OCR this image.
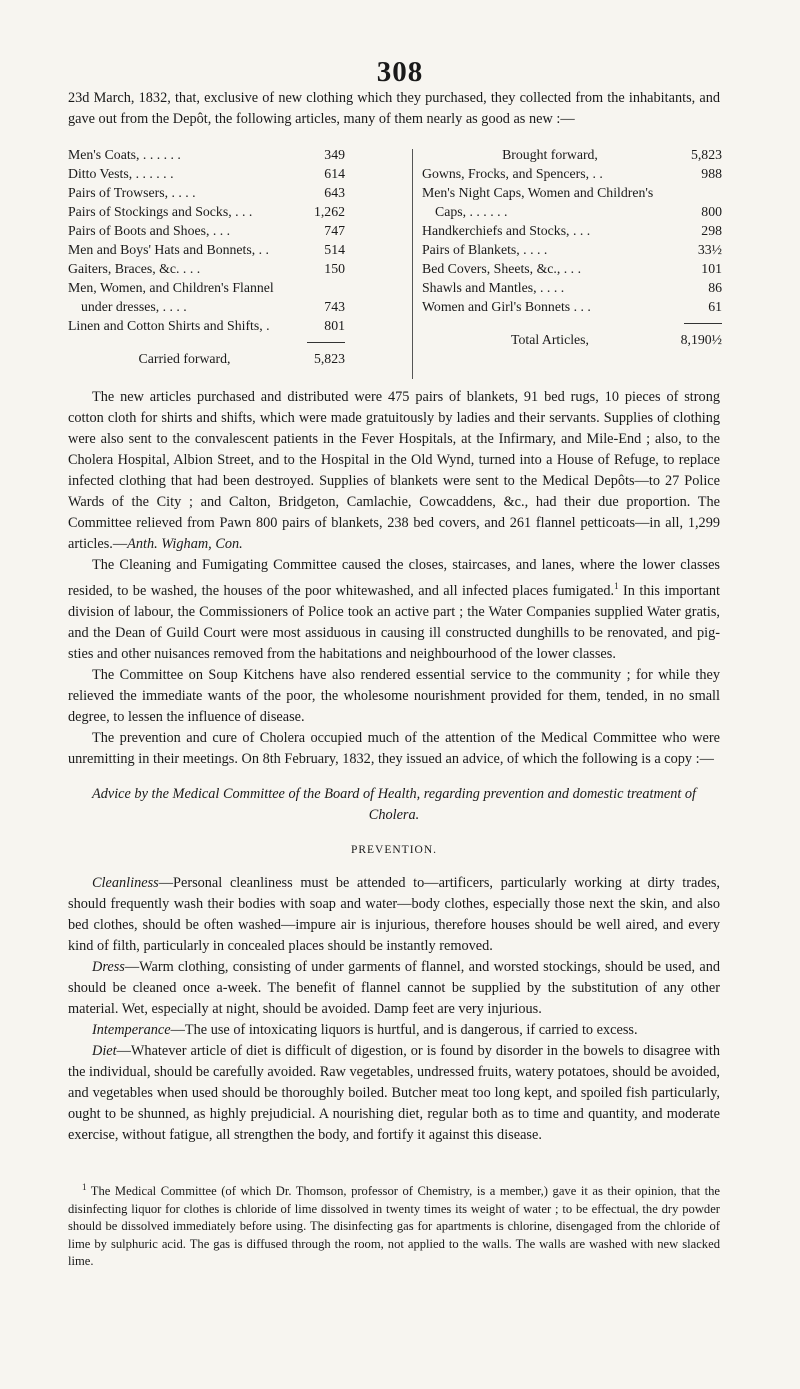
308
23d March, 1832, that, exclusive of new clothing which they purchased, they collected from the inhabitants, and gave out from the Depôt, the following articles, many of them nearly as good as new :—
Men's Coats, . . . . . .	349
Ditto Vests, . . . . . .	614
Pairs of Trowsers, . . . .	643
Pairs of Stockings and Socks, . . .	1,262
Pairs of Boots and Shoes, . . .	747
Men and Boys' Hats and Bonnets, . .	514
Gaiters, Braces, &c. . . .	150
Men, Women, and Children's Flannel
under dresses, . . . .	743
Linen and Cotton Shirts and Shifts, .	801
Carried forward,	5,823
Brought forward,	5,823
Gowns, Frocks, and Spencers, . .	988
Men's Night Caps, Women and Children's
Caps, . . . . . .	800
Handkerchiefs and Stocks, . . .	298
Pairs of Blankets, . . . .	33½
Bed Covers, Sheets, &c., . . .	101
Shawls and Mantles, . . . .	86
Women and Girl's Bonnets . . .	61
Total Articles,	8,190½

The new articles purchased and distributed were 475 pairs of blankets, 91 bed rugs, 10 pieces of strong cotton cloth for shirts and shifts, which were made gratuitously by ladies and their servants. Supplies of clothing were also sent to the convalescent patients in the Fever Hospitals, at the Infirmary, and Mile-End ; also, to the Cholera Hospital, Albion Street, and to the Hospital in the Old Wynd, turned into a House of Refuge, to replace infected clothing that had been destroyed. Supplies of blankets were sent to the Medical Depôts—to 27 Police Wards of the City ; and Calton, Bridgeton, Camlachie, Cowcaddens, &c., had their due proportion. The Committee relieved from Pawn 800 pairs of blankets, 238 bed covers, and 261 flannel petticoats—in all, 1,299 articles.—Anth. Wigham, Con.

The Cleaning and Fumigating Committee caused the closes, staircases, and lanes, where the lower classes resided, to be washed, the houses of the poor whitewashed, and all infected places fumigated.$^1$ In this important division of labour, the Commissioners of Police took an active part ; the Water Companies supplied Water gratis, and the Dean of Guild Court were most assiduous in causing ill constructed dunghills to be renovated, and pig-sties and other nuisances removed from the habitations and neighbourhood of the lower classes.

The Committee on Soup Kitchens have also rendered essential service to the community ; for while they relieved the immediate wants of the poor, the wholesome nourishment provided for them, tended, in no small degree, to lessen the influence of disease.

The prevention and cure of Cholera occupied much of the attention of the Medical Committee who were unremitting in their meetings. On 8th February, 1832, they issued an advice, of which the following is a copy :—

Advice by the Medical Committee of the Board of Health, regarding prevention and domestic treatment of Cholera.

PREVENTION.

Cleanliness—Personal cleanliness must be attended to—artificers, particularly working at dirty trades, should frequently wash their bodies with soap and water—body clothes, especially those next the skin, and also bed clothes, should be often washed—impure air is injurious, therefore houses should be well aired, and every kind of filth, particularly in concealed places should be instantly removed.

Dress—Warm clothing, consisting of under garments of flannel, and worsted stockings, should be used, and should be cleaned once a-week. The benefit of flannel cannot be supplied by the substitution of any other material. Wet, especially at night, should be avoided. Damp feet are very injurious.

Intemperance—The use of intoxicating liquors is hurtful, and is dangerous, if carried to excess.

Diet—Whatever article of diet is difficult of digestion, or is found by disorder in the bowels to disagree with the individual, should be carefully avoided. Raw vegetables, undressed fruits, watery potatoes, should be avoided, and vegetables when used should be thoroughly boiled. Butcher meat too long kept, and spoiled fish particularly, ought to be shunned, as highly prejudicial. A nourishing diet, regular both as to time and quantity, and moderate exercise, without fatigue, all strengthen the body, and fortify it against this disease.

$^1$ The Medical Committee (of which Dr. Thomson, professor of Chemistry, is a member,) gave it as their opinion, that the disinfecting liquor for clothes is chloride of lime dissolved in twenty times its weight of water ; to be effectual, the dry powder should be dissolved immediately before using. The disinfecting gas for apartments is chlorine, disengaged from the chloride of lime by sulphuric acid. The gas is diffused through the room, not applied to the walls. The walls are washed with new slacked lime.
